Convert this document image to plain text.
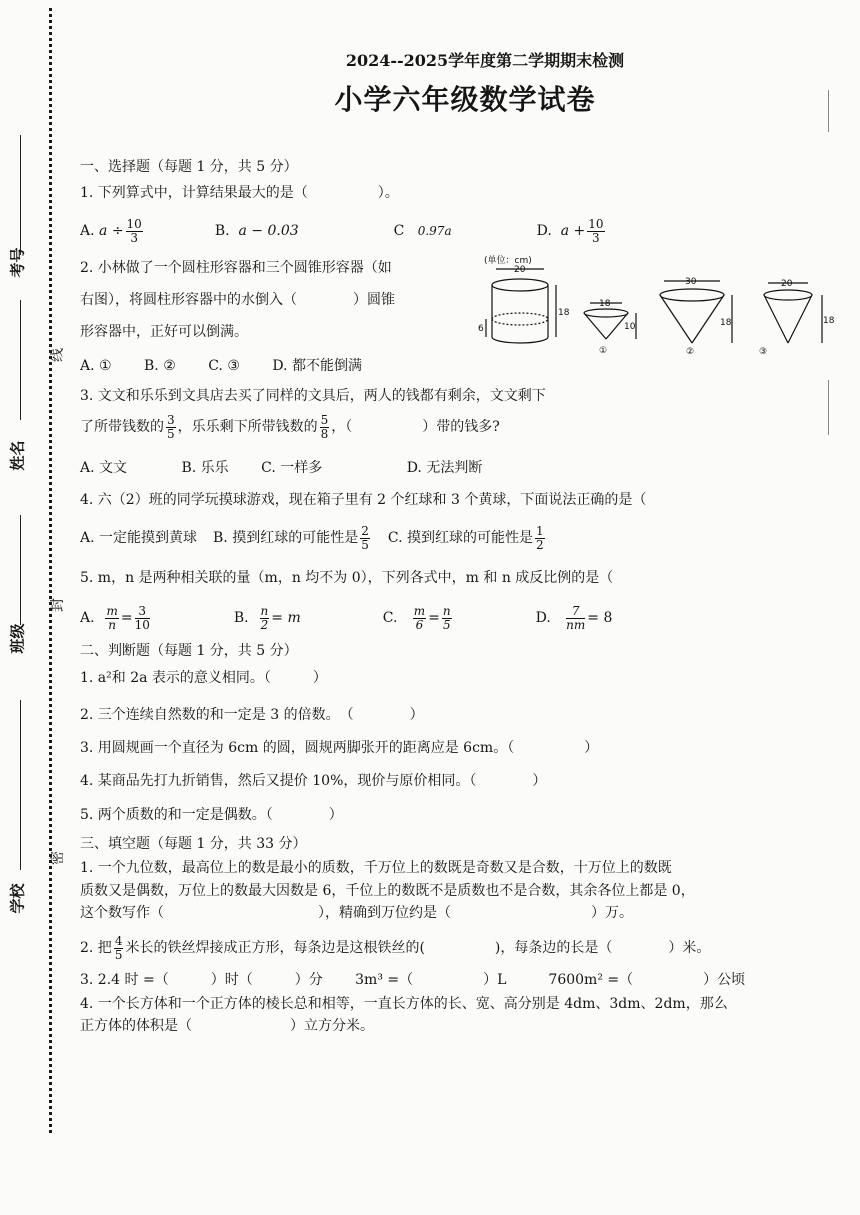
考号
姓名
班级
学校
线
封
密
2024--2025学年度第二学期期末检测
小学六年级数学试卷
一、选择题（每题 1 分，共 5 分）
1. 下列算式中，计算结果最大的是（　　　　　）。
A.
$a \div \frac{10}{3}$	B.
a − 0.03	C
0.97a	D.
$a + \frac{10}{3}$
2. 小林做了一个圆柱形容器和三个圆锥形容器（如
右图），将圆柱形容器中的水倒入（　　　　）圆锥
形容器中，正好可以倒满。
A. ①　　 B. ②　　 C. ③　　 D. 都不能倒满
(单位：cm)
20
18
6
18
10
①
30
18
②
20
18
③
3. 文文和乐乐到文具店去买了同样的文具后，两人的钱都有剩余，文文剩下
了所带钱数的 $\frac{3}{5}$ ，乐乐剩下所带钱数的 $\frac{5}{8}$ ，（　　　　　）带的钱多?
A. 文文	B. 乐乐 C. 一样多	D. 无法判断
4. 六（2）班的同学玩摸球游戏，现在箱子里有 2 个红球和 3 个黄球，下面说法正确的是（
A. 一定能摸到黄球 B. 摸到红球的可能性是 $\frac{2}{5} C$. 摸到红球的可能性是 $\frac{1}{2}$
5. m，n 是两种相关联的量（m，n 均不为 0），下列各式中，m 和 n 成反比例的是（
A.
$\frac{m}{n} = \frac{3}{10}$	B.
$\frac{n}{2} = m$	C.
$\frac{m}{6} = \frac{n}{5}$	D.
$\frac{7}{nm} = 8$
二、判断题（每题 1 分，共 5 分）
1. a²和 2a 表示的意义相同。（　　　）
2. 三个连续自然数的和一定是 3 的倍数。　（　　　　）
3. 用圆规画一个直径为 6cm 的圆，圆规两脚张开的距离应是 6cm。（　　　　　）
4. 某商品先打九折销售，然后又提价 10%，现价与原价相同。（　　　　）
5. 两个质数的和一定是偶数。（　　　　）
三、填空题（每题 1 分，共 33 分）
1. 一个九位数，最高位上的数是最小的质数，千万位上的数既是奇数又是合数，十万位上的数既
质数又是偶数，万位上的数最大因数是 6，千位上的数既不是质数也不是合数，其余各位上都是 0，
这个数写作（　　　　　　　　　　　），精确到万位约是（　　　　　　　　　　）万。
2. 把 $\frac{4}{5}$ 米长的铁丝焊接成正方形，每条边是这根铁丝的(　　　　　)，每条边的长是（　　　　）米。
3. 2.4 时 =（　　　）时（　　　）分　　 3m³ =（　　　　　）L　　　7600m² =（　　　　　）公顷
4. 一个长方体和一个正方体的棱长总和相等，一直长方体的长、宽、高分别是 4dm、3dm、2dm，那么
正方体的体积是（　　　　　　　）立方分米。
